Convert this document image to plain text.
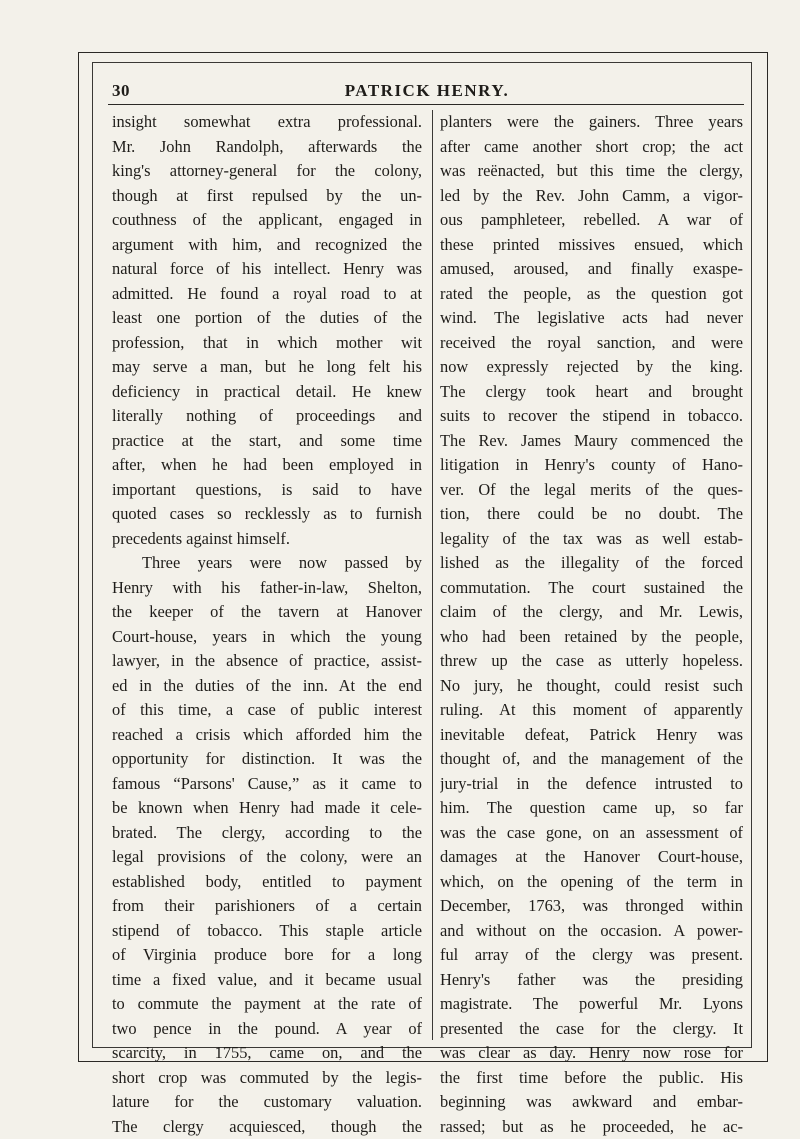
30	PATRICK HENRY.
insight somewhat extra professional.
Mr. John Randolph, afterwards the
king's attorney-general for the colony,
though at first repulsed by the un-
couthness of the applicant, engaged in
argument with him, and recognized the
natural force of his intellect. Henry was
admitted. He found a royal road to at
least one portion of the duties of the
profession, that in which mother wit
may serve a man, but he long felt his
deficiency in practical detail. He knew
literally nothing of proceedings and
practice at the start, and some time
after, when he had been employed in
important questions, is said to have
quoted cases so recklessly as to furnish
precedents against himself.
Three years were now passed by
Henry with his father-in-law, Shelton,
the keeper of the tavern at Hanover
Court-house, years in which the young
lawyer, in the absence of practice, assist-
ed in the duties of the inn. At the end
of this time, a case of public interest
reached a crisis which afforded him the
opportunity for distinction. It was the
famous “Parsons' Cause,” as it came to
be known when Henry had made it cele-
brated. The clergy, according to the
legal provisions of the colony, were an
established body, entitled to payment
from their parishioners of a certain
stipend of tobacco. This staple article
of Virginia produce bore for a long
time a fixed value, and it became usual
to commute the payment at the rate of
two pence in the pound. A year of
scarcity, in 1755, came on, and the
short crop was commuted by the legis-
lature for the customary valuation.
The clergy acquiesced, though the
planters were the gainers. Three years
after came another short crop; the act
was reënacted, but this time the clergy,
led by the Rev. John Camm, a vigor-
ous pamphleteer, rebelled. A war of
these printed missives ensued, which
amused, aroused, and finally exaspe-
rated the people, as the question got
wind. The legislative acts had never
received the royal sanction, and were
now expressly rejected by the king.
The clergy took heart and brought
suits to recover the stipend in tobacco.
The Rev. James Maury commenced the
litigation in Henry's county of Hano-
ver. Of the legal merits of the ques-
tion, there could be no doubt. The
legality of the tax was as well estab-
lished as the illegality of the forced
commutation. The court sustained the
claim of the clergy, and Mr. Lewis,
who had been retained by the people,
threw up the case as utterly hopeless.
No jury, he thought, could resist such
ruling. At this moment of apparently
inevitable defeat, Patrick Henry was
thought of, and the management of the
jury-trial in the defence intrusted to
him. The question came up, so far
was the case gone, on an assessment of
damages at the Hanover Court-house,
which, on the opening of the term in
December, 1763, was thronged within
and without on the occasion. A power-
ful array of the clergy was present.
Henry's father was the presiding
magistrate. The powerful Mr. Lyons
presented the case for the clergy. It
was clear as day. Henry now rose for
the first time before the public. His
beginning was awkward and embar-
rassed; but as he proceeded, he ac-
